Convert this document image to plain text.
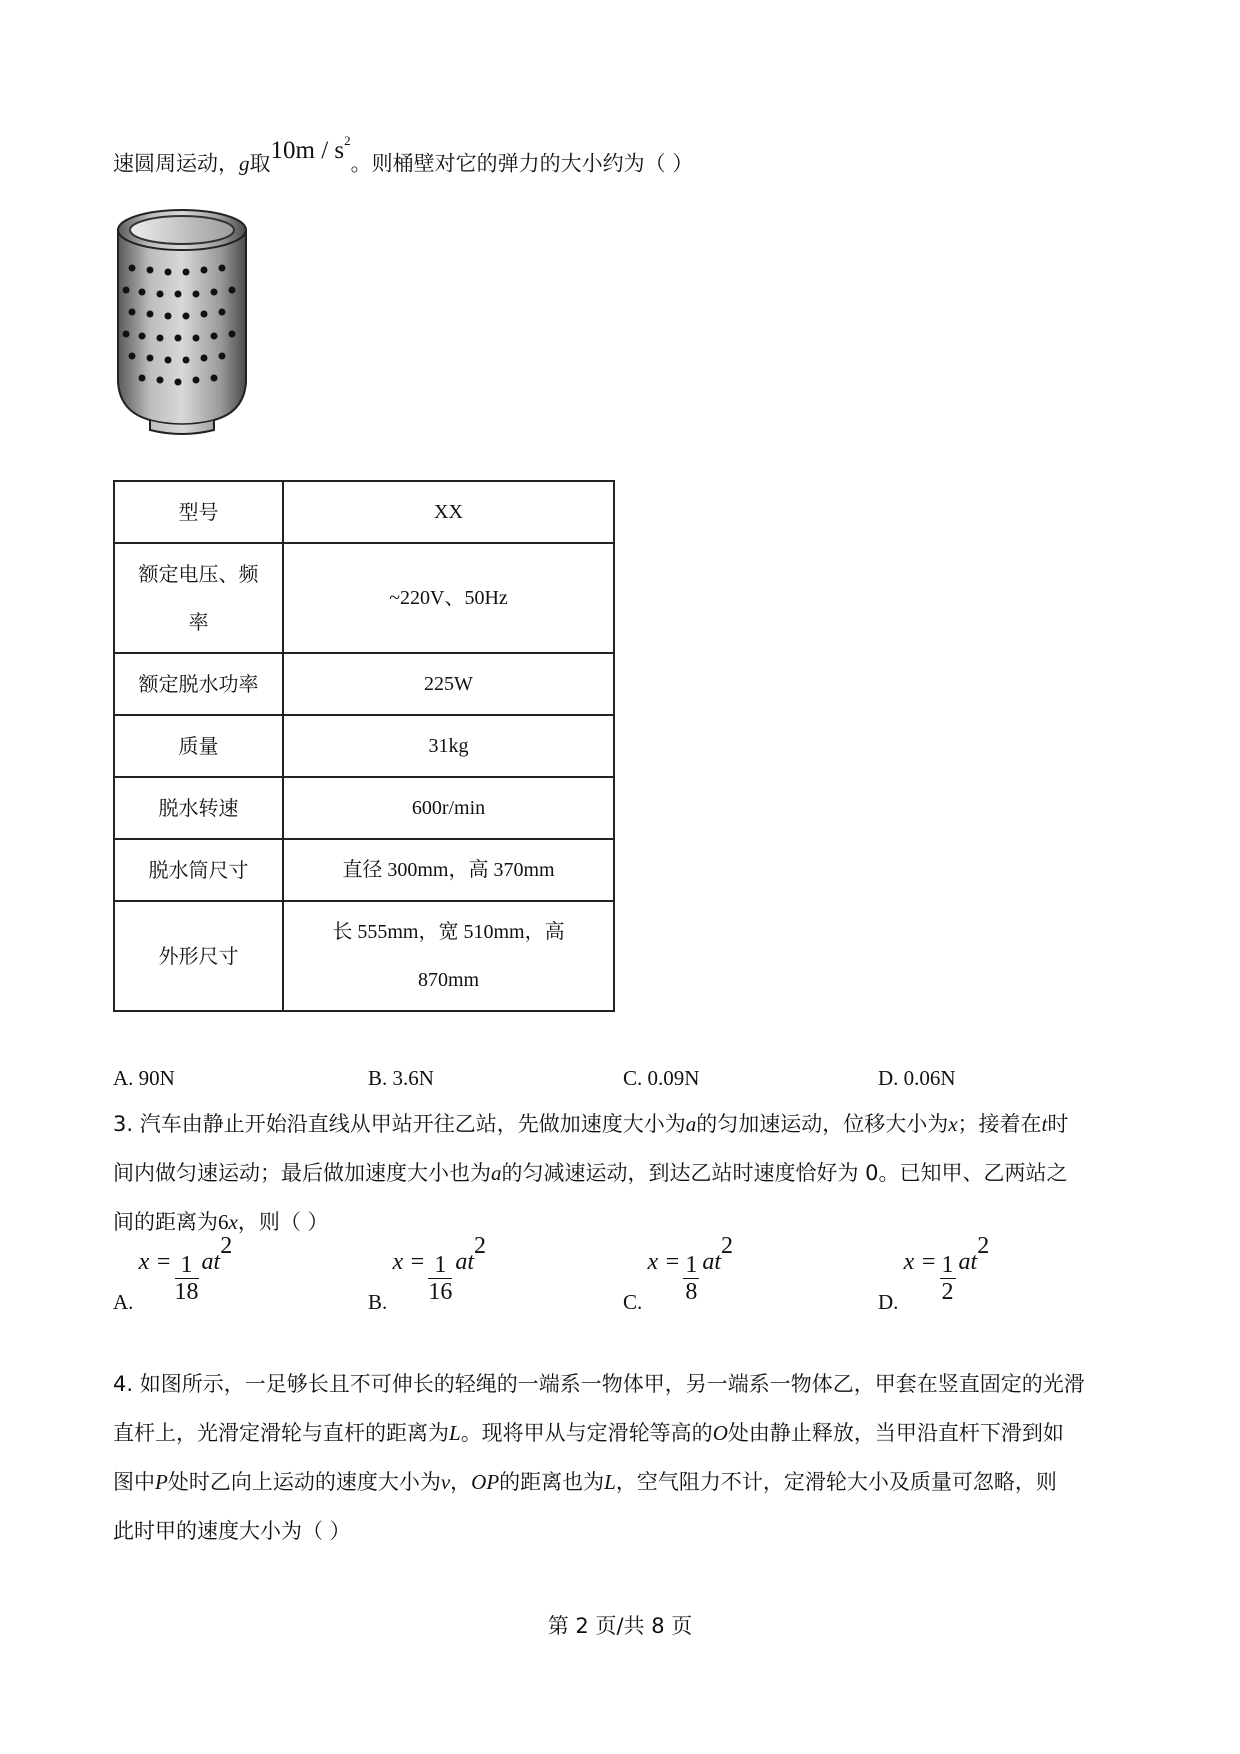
速圆周运动，g取$10m / s^2$。则桶壁对它的弹力的大小约为（ ）
型号	XX

额定电压、频
率	~220V、50Hz
额定脱水功率	225W
质量	31kg
脱水转速	600r/min
脱水筒尺寸	直径 300mm，高 370mm
外形尺寸	长 555mm，宽 510mm，高
870mm
A. 90N	B. 3.6N	C. 0.09N	D. 0.06N
3. 汽车由静止开始沿直线从甲站开往乙站，先做加速度大小为a的匀加速运动，位移大小为x；接着在t时
间内做匀速运动；最后做加速度大小也为a的匀减速运动，到达乙站时速度恰好为 0。已知甲、乙两站之
间的距离为6x，则（ ）
A. $x = \frac{1}{18} at^2$
B. $x = \frac{1}{16} at^2$
C. $x = \frac{1}{8} at^2$
D. $x = \frac{1}{2} at^2$
4. 如图所示，一足够长且不可伸长的轻绳的一端系一物体甲，另一端系一物体乙，甲套在竖直固定的光滑
直杆上，光滑定滑轮与直杆的距离为L。现将甲从与定滑轮等高的O处由静止释放，当甲沿直杆下滑到如
图中P处时乙向上运动的速度大小为v，OP的距离也为L，空气阻力不计，定滑轮大小及质量可忽略，则
此时甲的速度大小为（ ）
第 2 页/共 8 页
